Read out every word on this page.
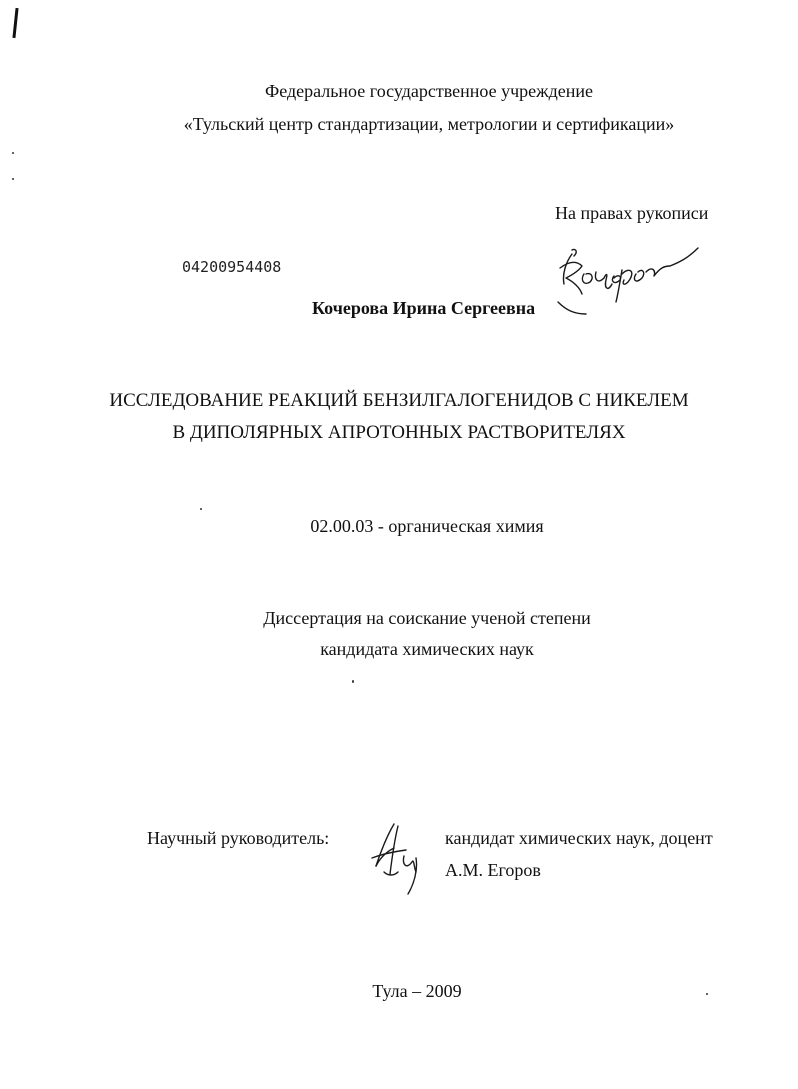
Федеральное государственное учреждение
«Тульский центр стандартизации, метрологии и сертификации»
На правах рукописи
04200954408
Кочерова Ирина Сергеевна
ИССЛЕДОВАНИЕ РЕАКЦИЙ БЕНЗИЛГАЛОГЕНИДОВ С НИКЕЛЕМ
В ДИПОЛЯРНЫХ АПРОТОННЫХ РАСТВОРИТЕЛЯХ
02.00.03 - органическая химия
Диссертация на соискание ученой степени
кандидата химических наук
Научный руководитель:	кандидат химических наук, доцент
А.М. Егоров
Тула – 2009
